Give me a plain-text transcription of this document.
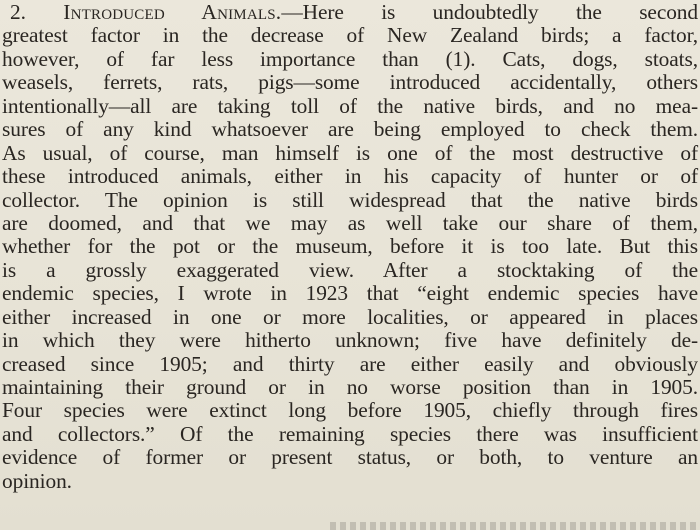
2. Introduced Animals.—Here is undoubtedly the second
greatest factor in the decrease of New Zealand birds; a factor,
however, of far less importance than (1). Cats, dogs, stoats,
weasels, ferrets, rats, pigs—some introduced accidentally, others
intentionally—all are taking toll of the native birds, and no mea-
sures of any kind whatsoever are being employed to check them.
As usual, of course, man himself is one of the most destructive of
these introduced animals, either in his capacity of hunter or of
collector. The opinion is still widespread that the native birds
are doomed, and that we may as well take our share of them,
whether for the pot or the museum, before it is too late. But this
is a grossly exaggerated view. After a stocktaking of the
endemic species, I wrote in 1923 that “eight endemic species have
either increased in one or more localities, or appeared in places
in which they were hitherto unknown; five have definitely de-
creased since 1905; and thirty are either easily and obviously
maintaining their ground or in no worse position than in 1905.
Four species were extinct long before 1905, chiefly through fires
and collectors.” Of the remaining species there was insufficient
evidence of former or present status, or both, to venture an
opinion.
